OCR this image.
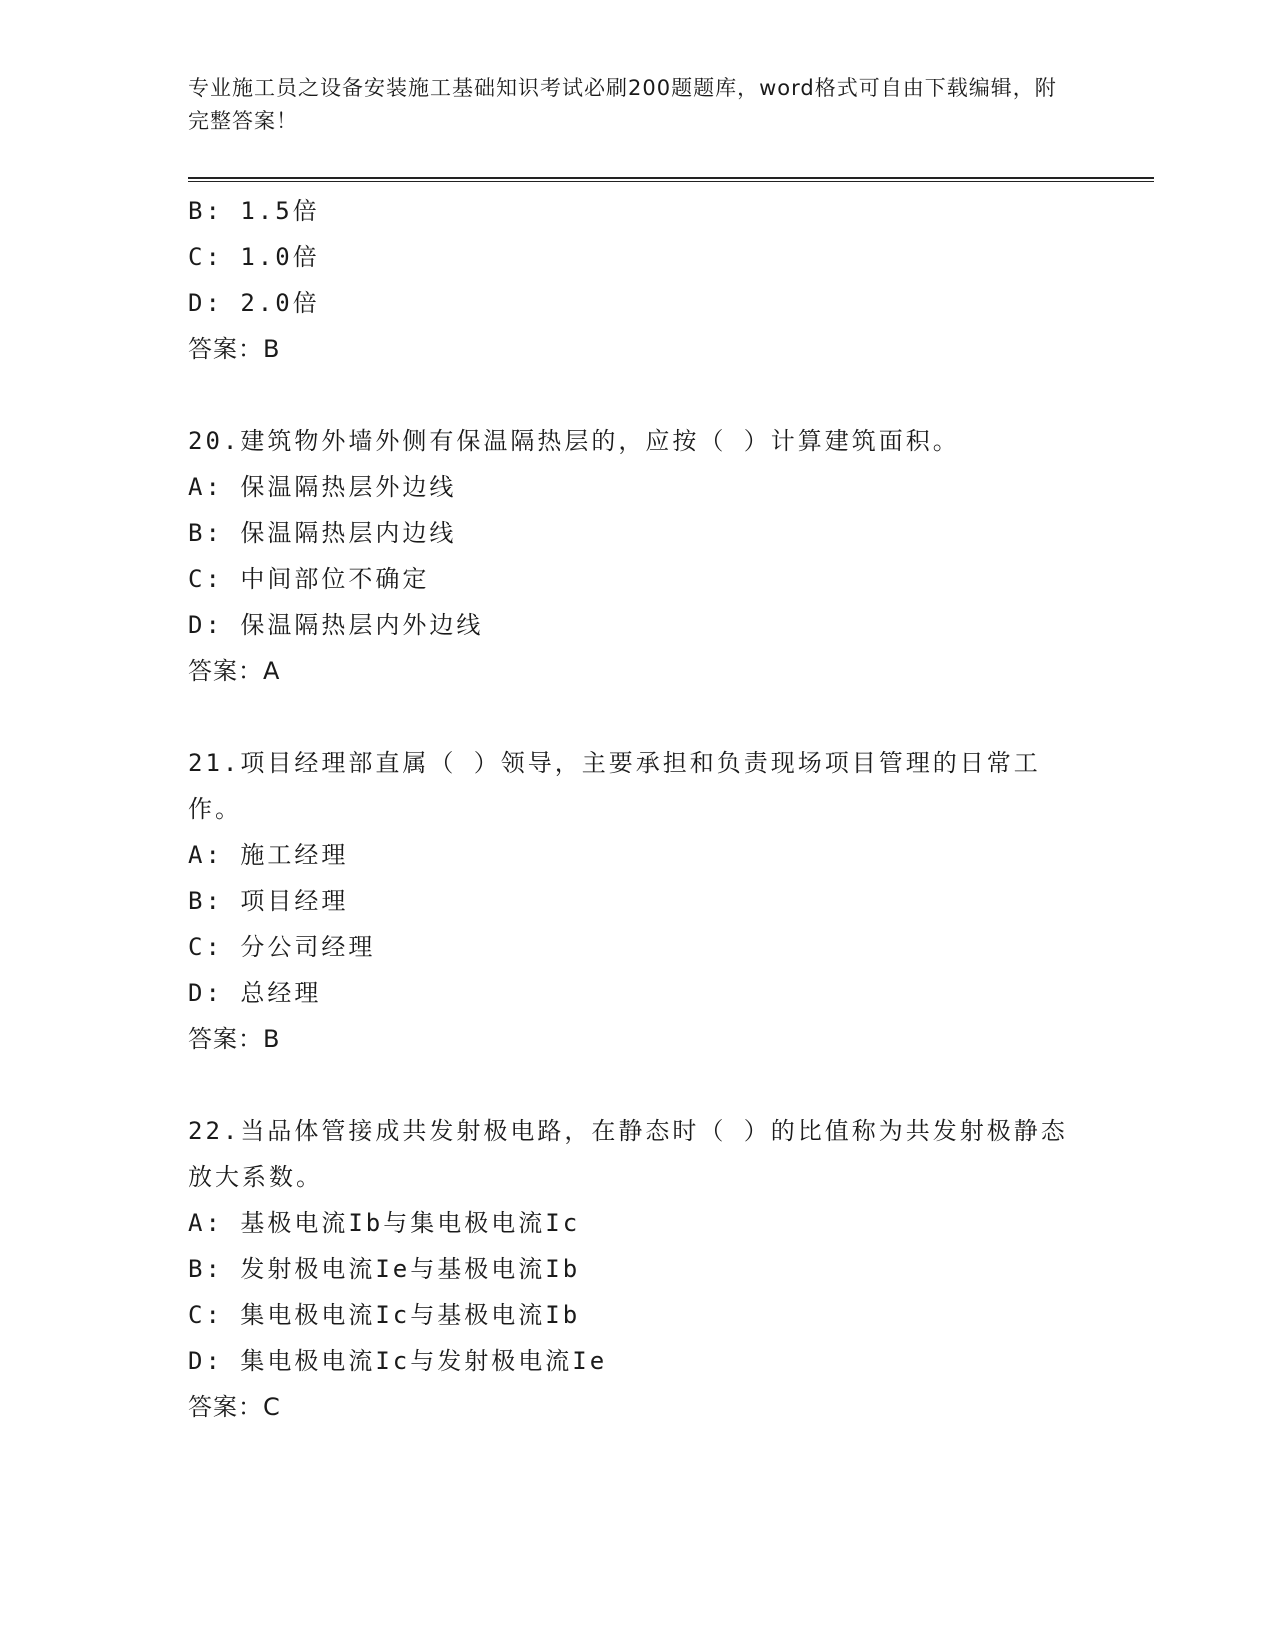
专业施工员之设备安装施工基础知识考试必刷200题题库，word格式可自由下载编辑，附完整答案！

B: 1.5倍

C: 1.0倍

D: 2.0倍

答案：B

20.建筑物外墙外侧有保温隔热层的，应按（ ）计算建筑面积。

A: 保温隔热层外边线

B: 保温隔热层内边线

C: 中间部位不确定

D: 保温隔热层内外边线

答案：A

21.项目经理部直属（ ）领导，主要承担和负责现场项目管理的日常工作。

A: 施工经理

B: 项目经理

C: 分公司经理

D: 总经理

答案：B

22.当品体管接成共发射极电路，在静态时（ ）的比值称为共发射极静态放大系数。

A: 基极电流Ib与集电极电流Ic

B: 发射极电流Ie与基极电流Ib

C: 集电极电流Ic与基极电流Ib

D: 集电极电流Ic与发射极电流Ie

答案：C
